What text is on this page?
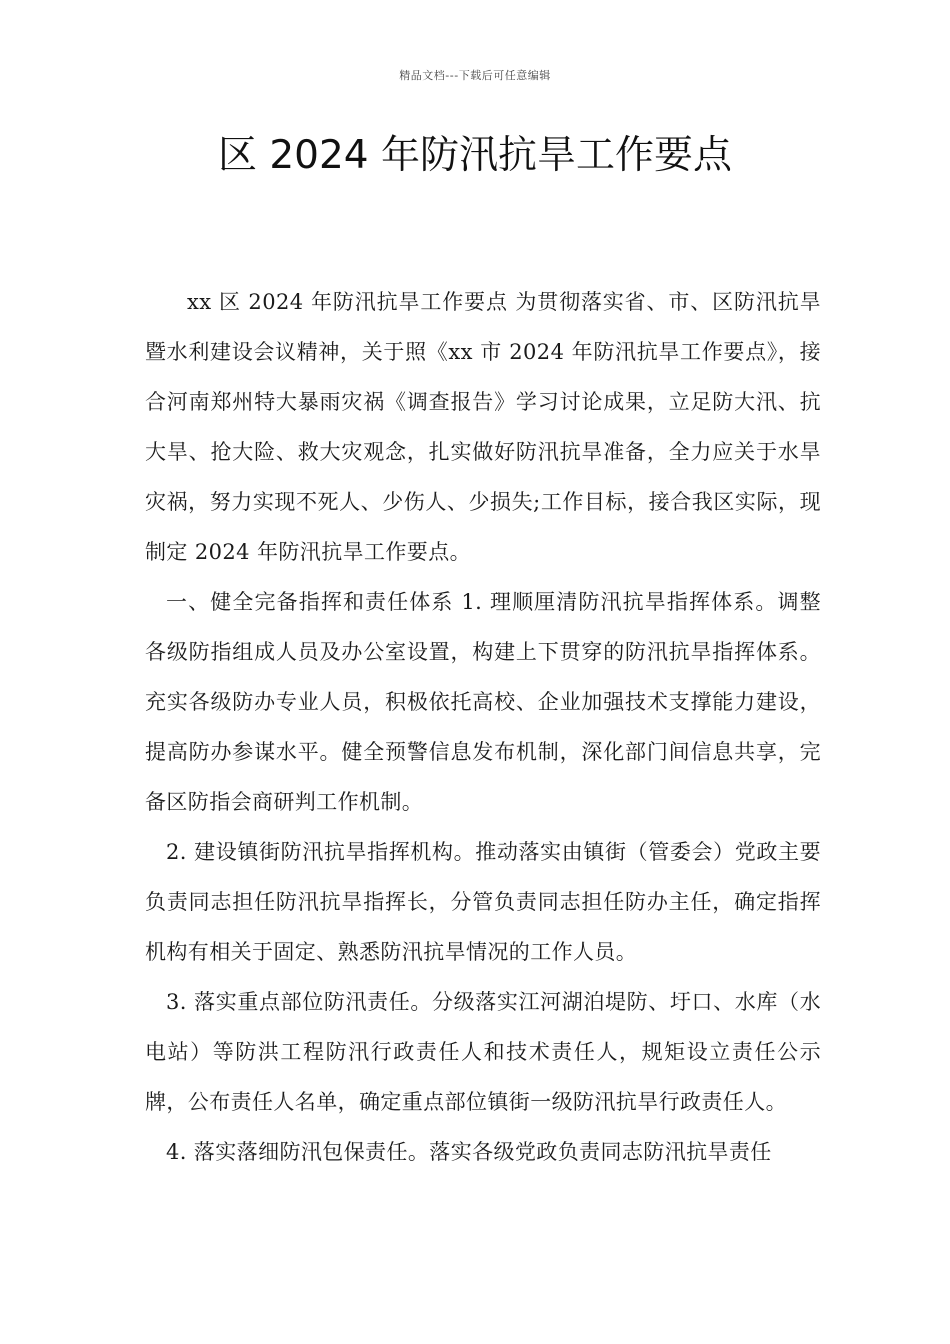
精品文档---下载后可任意编辑
区 2024 年防汛抗旱工作要点

xx 区 2024 年防汛抗旱工作要点 为贯彻落实省、市、区防汛抗旱暨水利建设会议精神，关于照《xx 市 2024 年防汛抗旱工作要点》，接合河南郑州特大暴雨灾祸《调查报告》学习讨论成果，立足防大汛、抗大旱、抢大险、救大灾观念，扎实做好防汛抗旱准备，全力应关于水旱灾祸，努力实现不死人、少伤人、少损失;工作目标，接合我区实际，现制定 2024 年防汛抗旱工作要点。

一、健全完备指挥和责任体系 1. 理顺厘清防汛抗旱指挥体系。调整各级防指组成人员及办公室设置，构建上下贯穿的防汛抗旱指挥体系。充实各级防办专业人员，积极依托高校、企业加强技术支撑能力建设，提高防办参谋水平。健全预警信息发布机制，深化部门间信息共享，完备区防指会商研判工作机制。

2. 建设镇街防汛抗旱指挥机构。推动落实由镇街（管委会）党政主要负责同志担任防汛抗旱指挥长，分管负责同志担任防办主任，确定指挥机构有相关于固定、熟悉防汛抗旱情况的工作人员。

3. 落实重点部位防汛责任。分级落实江河湖泊堤防、圩口、水库（水电站）等防洪工程防汛行政责任人和技术责任人，规矩设立责任公示牌，公布责任人名单，确定重点部位镇街一级防汛抗旱行政责任人。

4. 落实落细防汛包保责任。落实各级党政负责同志防汛抗旱责任
